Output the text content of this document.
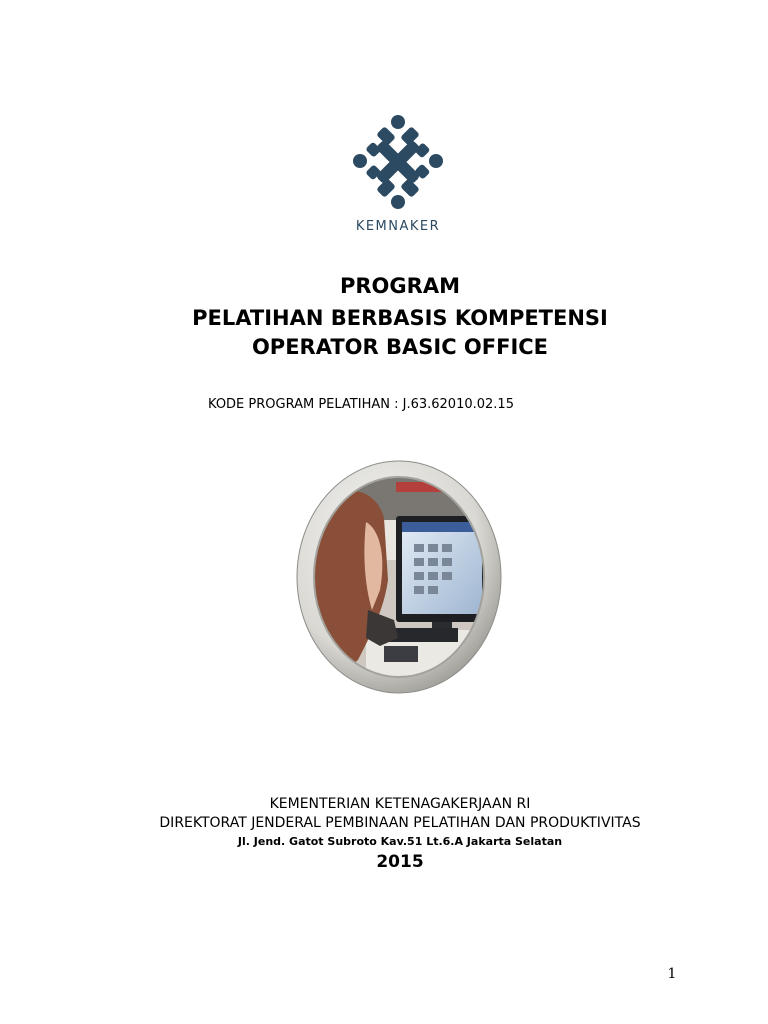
KEMNAKER
PROGRAM
PELATIHAN BERBASIS KOMPETENSI
OPERATOR BASIC OFFICE
KODE PROGRAM PELATIHAN : J.63.62010.02.15
KEMENTERIAN KETENAGAKERJAAN RI
DIREKTORAT JENDERAL PEMBINAAN PELATIHAN DAN PRODUKTIVITAS
Jl. Jend. Gatot Subroto Kav.51 Lt.6.A Jakarta Selatan
2015
1
